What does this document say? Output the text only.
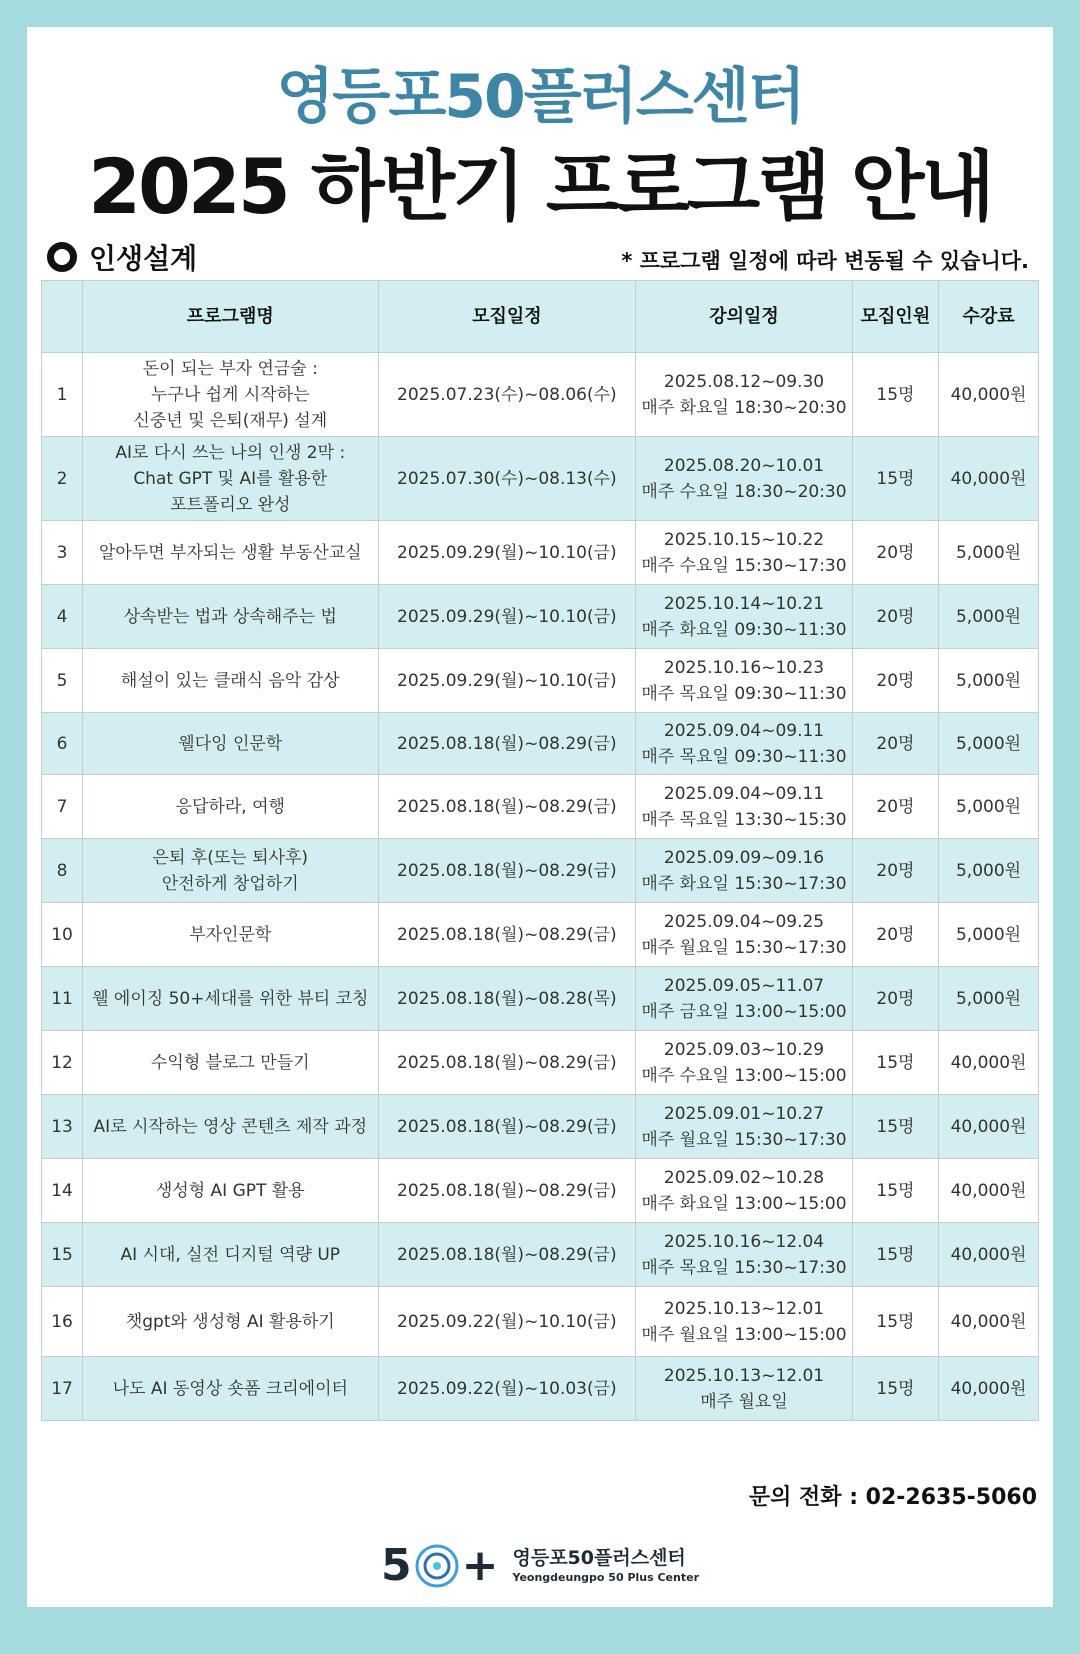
영등포50플러스센터
2025 하반기 프로그램 안내
인생설계	* 프로그램 일정에 따라 변동될 수 있습니다.
	프로그램명	모집일정	강의일정	모집인원	수강료
1	돈이 되는 부자 연금술 :
누구나 쉽게 시작하는
신중년 및 은퇴(재무) 설계	2025.07.23(수)~08.06(수)	2025.08.12~09.30
매주 화요일 18:30~20:30	15명	40,000원
2	AI로 다시 쓰는 나의 인생 2막 :
Chat GPT 및 AI를 활용한
포트폴리오 완성	2025.07.30(수)~08.13(수)	2025.08.20~10.01
매주 수요일 18:30~20:30	15명	40,000원
3	알아두면 부자되는 생활 부동산교실	2025.09.29(월)~10.10(금)	2025.10.15~10.22
매주 수요일 15:30~17:30	20명	5,000원
4	상속받는 법과 상속해주는 법	2025.09.29(월)~10.10(금)	2025.10.14~10.21
매주 화요일 09:30~11:30	20명	5,000원
5	해설이 있는 클래식 음악 감상	2025.09.29(월)~10.10(금)	2025.10.16~10.23
매주 목요일 09:30~11:30	20명	5,000원
6	웰다잉 인문학	2025.08.18(월)~08.29(금)	2025.09.04~09.11
매주 목요일 09:30~11:30	20명	5,000원
7	응답하라, 여행	2025.08.18(월)~08.29(금)	2025.09.04~09.11
매주 목요일 13:30~15:30	20명	5,000원
8	은퇴 후(또는 퇴사후)
안전하게 창업하기	2025.08.18(월)~08.29(금)	2025.09.09~09.16
매주 화요일 15:30~17:30	20명	5,000원
10	부자인문학	2025.08.18(월)~08.29(금)	2025.09.04~09.25
매주 월요일 15:30~17:30	20명	5,000원
11	웰 에이징 50+세대를 위한 뷰티 코칭	2025.08.18(월)~08.28(목)	2025.09.05~11.07
매주 금요일 13:00~15:00	20명	5,000원
12	수익형 블로그 만들기	2025.08.18(월)~08.29(금)	2025.09.03~10.29
매주 수요일 13:00~15:00	15명	40,000원
13	AI로 시작하는 영상 콘텐츠 제작 과정	2025.08.18(월)~08.29(금)	2025.09.01~10.27
매주 월요일 15:30~17:30	15명	40,000원
14	생성형 AI GPT 활용	2025.08.18(월)~08.29(금)	2025.09.02~10.28
매주 화요일 13:00~15:00	15명	40,000원
15	AI 시대, 실전 디지털 역량 UP	2025.08.18(월)~08.29(금)	2025.10.16~12.04
매주 목요일 15:30~17:30	15명	40,000원
16	챗gpt와 생성형 AI 활용하기	2025.09.22(월)~10.10(금)	2025.10.13~12.01
매주 월요일 13:00~15:00	15명	40,000원
17	나도 AI 동영상 숏폼 크리에이터	2025.09.22(월)~10.03(금)	2025.10.13~12.01
매주 월요일	15명	40,000원
문의 전화 : 02-2635-5060
5 + 영등포50플러스센터
Yeongdeungpo 50 Plus Center
